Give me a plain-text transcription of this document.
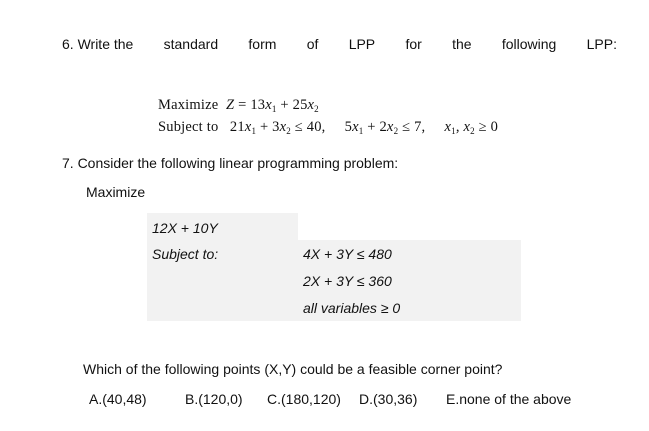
6. Write the standard form of LPP for the following LPP:
Maximize $Z = 13x_1 + 25x_2$
Subject to   $21x_1 + 3x_2 \le 40$,     $5x_1 + 2x_2 \le 7$, $x_1$, $x_2 \ge 0$
7. Consider the following linear programming problem:
Maximize
12X + 10Y
Subject to:	4X + 3Y ≤ 480
2X + 3Y ≤ 360
all variables ≥ 0
Which of the following points (X,Y) could be a feasible corner point?
A.(40,48)	B.(120,0) C.(180,120) D.(30,36) E.none of the above
